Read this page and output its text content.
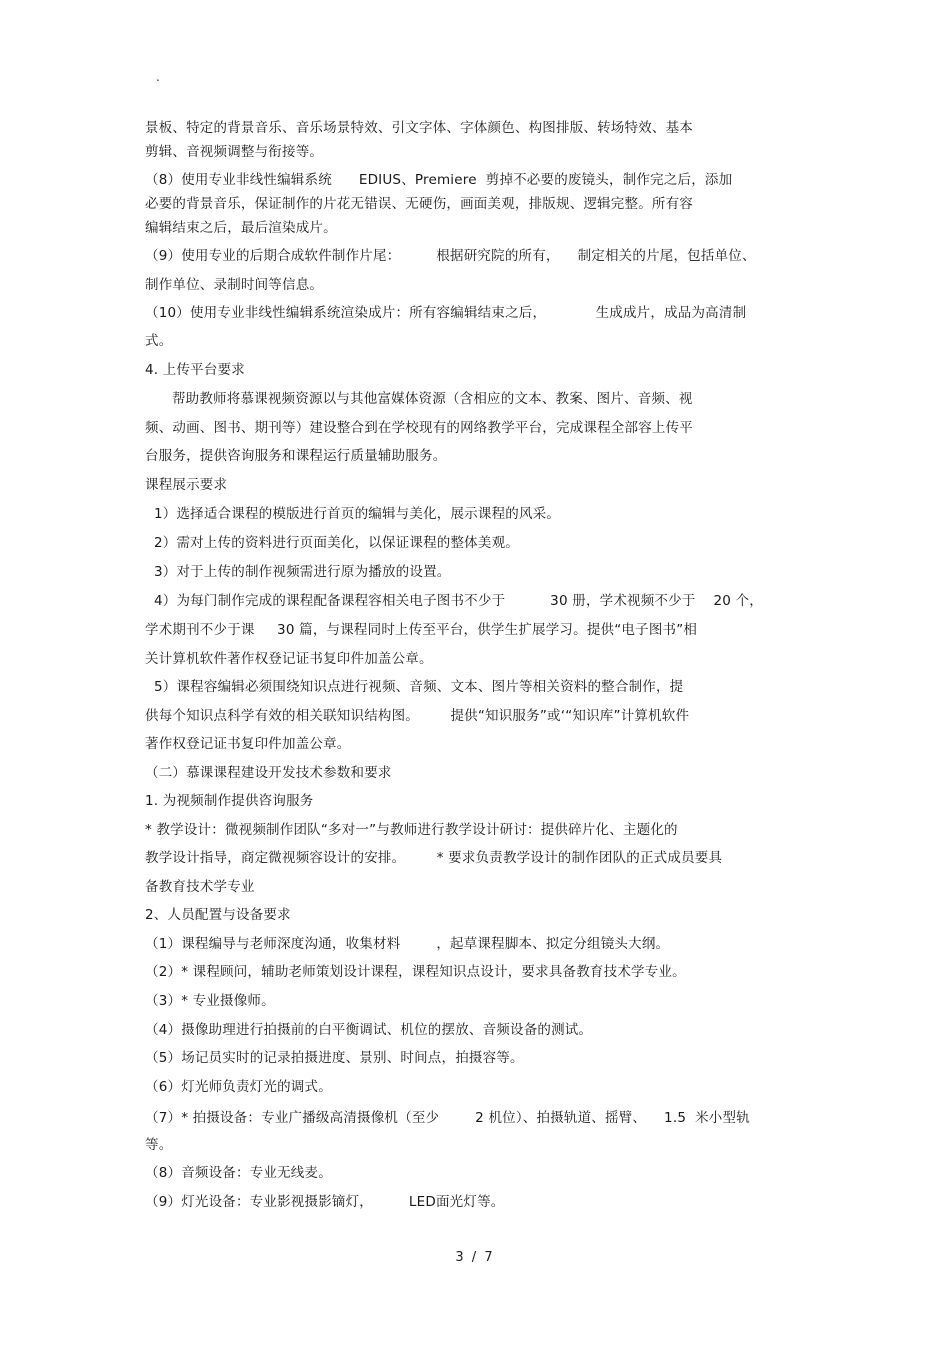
.
景板、特定的背景音乐、音乐场景特效、引文字体、字体颜色、构图排版、转场特效、基本
剪辑、音视频调整与衔接等。
（8）使用专业非线性编辑系统      EDIUS、Premiere  剪掉不必要的废镜头，制作完之后，添加
必要的背景音乐，保证制作的片花无错误、无硬伤，画面美观，排版规、逻辑完整。所有容
编辑结束之后，最后渲染成片。
（9）使用专业的后期合成软件制作片尾：        根据研究院的所有，    制定相关的片尾，包括单位、
制作单位、录制时间等信息。
（10）使用专业非线性编辑系统渲染成片：所有容编辑结束之后，           生成成片，成品为高清制
式。
4. 上传平台要求
帮助教师将慕课视频资源以与其他富媒体资源（含相应的文本、教案、图片、音频、视
频、动画、图书、期刊等）建设整合到在学校现有的网络教学平台，完成课程全部容上传平
台服务，提供咨询服务和课程运行质量辅助服务。
课程展示要求
1）选择适合课程的模版进行首页的编辑与美化，展示课程的风采。
2）需对上传的资料进行页面美化，以保证课程的整体美观。
3）对于上传的制作视频需进行原为播放的设置。
4）为每门制作完成的课程配备课程容相关电子图书不少于          30 册，学术视频不少于    20 个，
学术期刊不少于课     30 篇，与课程同时上传至平台，供学生扩展学习。提供“电子图书”相
关计算机软件著作权登记证书复印件加盖公章。
5）课程容编辑必须围绕知识点进行视频、音频、文本、图片等相关资料的整合制作，提
供每个知识点科学有效的相关联知识结构图。       提供“知识服务”或‘“知识库”计算机软件
著作权登记证书复印件加盖公章。
（二）慕课课程建设开发技术参数和要求
1. 为视频制作提供咨询服务
* 教学设计：微视频制作团队“多对一”与教师进行教学设计研讨：提供碎片化、主题化的
教学设计指导，商定微视频容设计的安排。       * 要求负责教学设计的制作团队的正式成员要具
备教育技术学专业
2、人员配置与设备要求
（1）课程编导与老师深度沟通，收集材料        ，起草课程脚本、拟定分组镜头大纲。
（2）* 课程顾问，辅助老师策划设计课程，课程知识点设计，要求具备教育技术学专业。
（3）* 专业摄像师。
（4）摄像助理进行拍摄前的白平衡调试、机位的摆放、音频设备的测试。
（5）场记员实时的记录拍摄进度、景别、时间点，拍摄容等。
（6）灯光师负责灯光的调式。
（7）* 拍摄设备：专业广播级高清摄像机（至少        2 机位）、拍摄轨道、摇臂、    1.5  米小型轨
等。
（8）音频设备：专业无线麦。
（9）灯光设备：专业影视摄影镝灯，        LED面光灯等。
3 / 7
